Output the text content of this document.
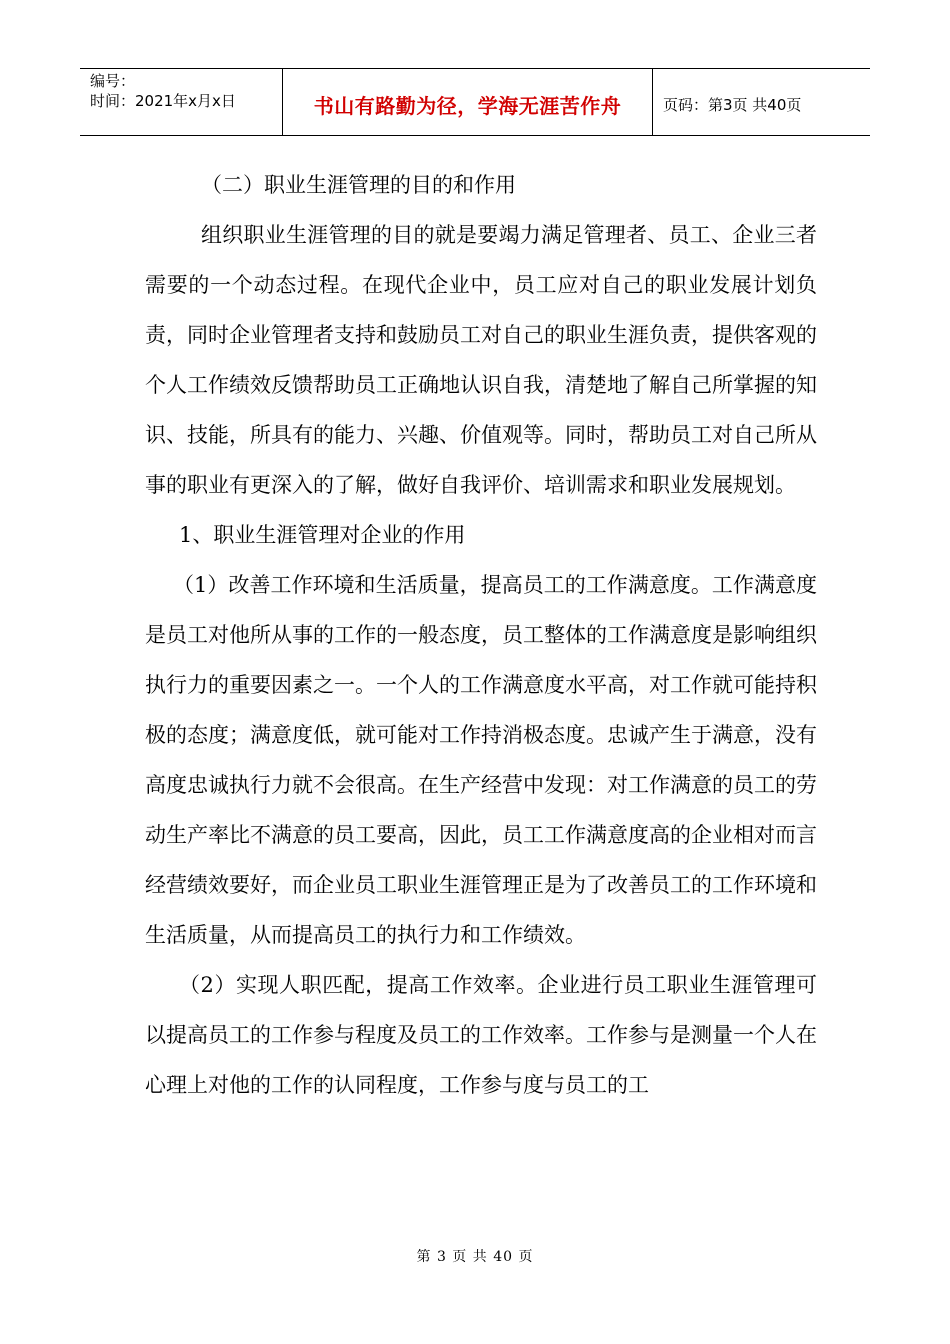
编号：
时间：2021年x月x日	书山有路勤为径，学海无涯苦作舟	页码：第3页 共40页

（二）职业生涯管理的目的和作用

组织职业生涯管理的目的就是要竭力满足管理者、员工、企业三者需要的一个动态过程。在现代企业中，员工应对自己的职业发展计划负责，同时企业管理者支持和鼓励员工对自己的职业生涯负责，提供客观的个人工作绩效反馈帮助员工正确地认识自我，清楚地了解自己所掌握的知识、技能，所具有的能力、兴趣、价值观等。同时，帮助员工对自己所从事的职业有更深入的了解，做好自我评价、培训需求和职业发展规划。

1、职业生涯管理对企业的作用

（1）改善工作环境和生活质量，提高员工的工作满意度。工作满意度是员工对他所从事的工作的一般态度，员工整体的工作满意度是影响组织执行力的重要因素之一。一个人的工作满意度水平高，对工作就可能持积极的态度；满意度低，就可能对工作持消极态度。忠诚产生于满意，没有高度忠诚执行力就不会很高。在生产经营中发现：对工作满意的员工的劳动生产率比不满意的员工要高，因此，员工工作满意度高的企业相对而言经营绩效要好，而企业员工职业生涯管理正是为了改善员工的工作环境和生活质量，从而提高员工的执行力和工作绩效。

（2）实现人职匹配，提高工作效率。企业进行员工职业生涯管理可以提高员工的工作参与程度及员工的工作效率。工作参与是测量一个人在心理上对他的工作的认同程度，工作参与度与员工的工

第 3 页 共 40 页
